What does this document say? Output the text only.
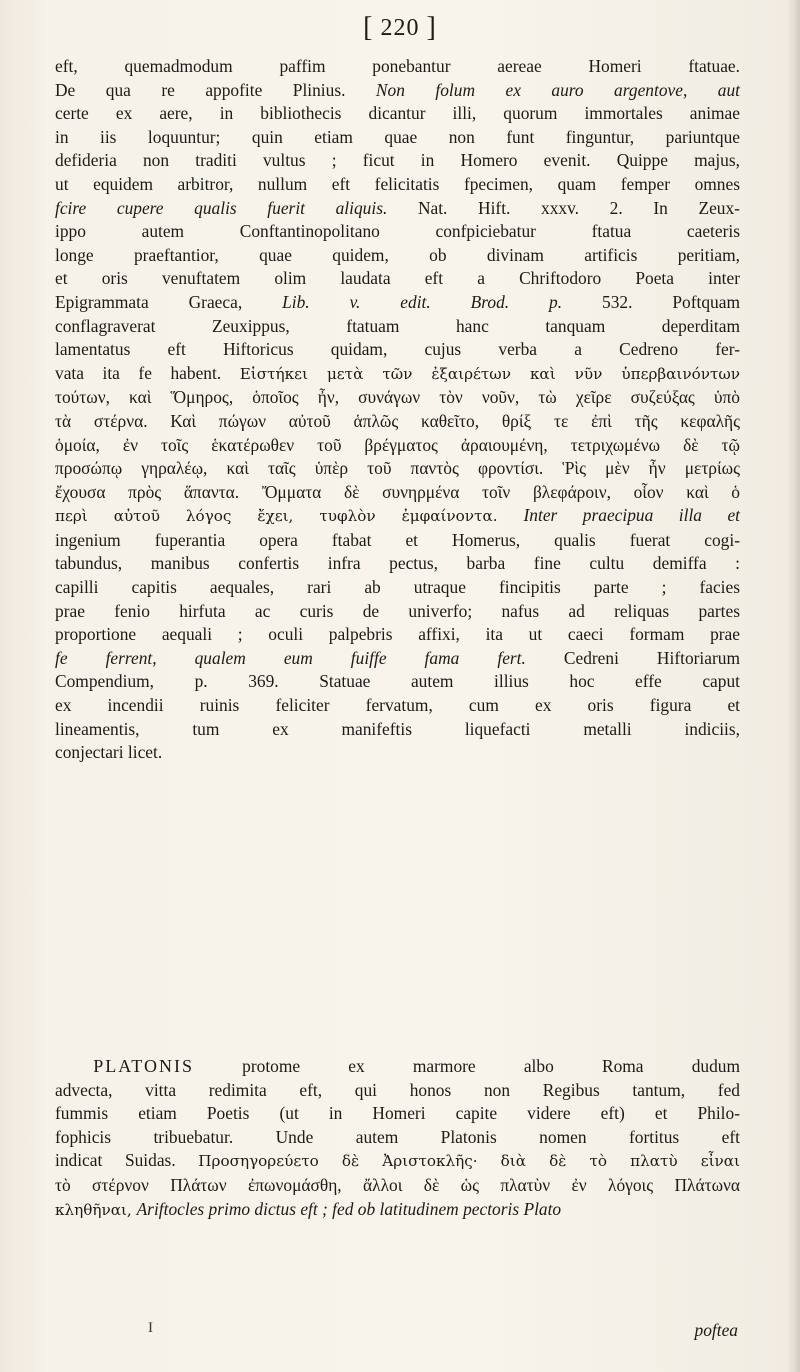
[ 220 ]
eft, quemadmodum paffim ponebantur aereae Homeri ftatuae.
De qua re appofite Plinius. Non folum ex auro argentove, aut
certe ex aere, in bibliothecis dicantur illi, quorum immortales animae
in iis loquuntur; quin etiam quae non funt finguntur, pariuntque
defideria non traditi vultus ; ficut in Homero evenit. Quippe majus,
ut equidem arbitror, nullum eft felicitatis fpecimen, quam femper omnes
fcire cupere qualis fuerit aliquis. Nat. Hift. xxxv. 2. In Zeux-
ippo autem Conftantinopolitano confpiciebatur ftatua caeteris
longe praeftantior, quae quidem, ob divinam artificis peritiam,
et oris venuftatem olim laudata eft a Chriftodoro Poeta inter
Epigrammata Graeca, Lib. v. edit. Brod. p. 532. Poftquam
conflagraverat Zeuxippus, ftatuam hanc tanquam deperditam
lamentatus eft Hiftoricus quidam, cujus verba a Cedreno fer-
vata ita fe habent. Εἱστήκει μετὰ τῶν ἐξαιρέτων καὶ νῦν ὑπερβαινόντων
τούτων, καὶ Ὅμηρος, ὁποῖος ἦν, συνάγων τὸν νοῦν, τὼ χεῖρε συζεύξας ὑπὸ
τὰ στέρνα. Καὶ πώγων αὐτοῦ ἁπλῶς καθεῖτο, θρίξ τε ἐπὶ τῆς κεφαλῆς
ὁμοία, ἐν τοῖς ἑκατέρωθεν τοῦ βρέγματος ἀραιουμένη, τετριχωμένω δὲ τῷ
προσώπῳ γηραλέῳ, καὶ ταῖς ὑπὲρ τοῦ παντὸς φροντίσι. Ῥὶς μὲν ἦν μετρίως
ἔχουσα πρὸς ἅπαντα. Ὄμματα δὲ συνηρμένα τοῖν βλεφάροιν, οἷον καὶ ὁ
περὶ αὐτοῦ λόγος ἔχει, τυφλὸν ἐμφαίνοντα. Inter praecipua illa et
ingenium fuperantia opera ftabat et Homerus, qualis fuerat cogi-
tabundus, manibus confertis infra pectus, barba fine cultu demiffa :
capilli capitis aequales, rari ab utraque fincipitis parte ; facies
prae fenio hirfuta ac curis de univerfo; nafus ad reliquas partes
proportione aequali ; oculi palpebris affixi, ita ut caeci formam prae
fe ferrent, qualem eum fuiffe fama fert. Cedreni Hiftoriarum
Compendium, p. 369. Statuae autem illius hoc effe caput
ex incendii ruinis feliciter fervatum, cum ex oris figura et
lineamentis, tum ex manifeftis liquefacti metalli indiciis,
conjectari licet.
PLATONIS protome ex marmore albo Roma dudum
advecta, vitta redimita eft, qui honos non Regibus tantum, fed
fummis etiam Poetis (ut in Homeri capite videre eft) et Philo-
fophicis tribuebatur. Unde autem Platonis nomen fortitus eft
indicat Suidas. Προσηγορεύετο δὲ Ἀριστοκλῆς· διὰ δὲ τὸ πλατὺ εἶναι
τὸ στέρνον Πλάτων ἐπωνομάσθη, ἄλλοι δὲ ὡς πλατὺν ἐν λόγοις Πλάτωνα
κληθῆναι, Ariftocles primo dictus eft ; fed ob latitudinem pectoris Plato
I	poftea
